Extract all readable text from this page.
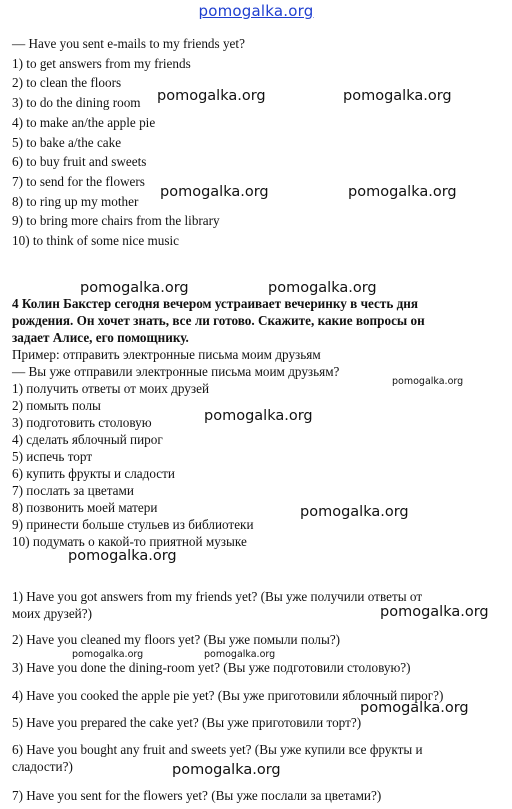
pomogalka.org
— Have you sent e-mails to my friends yet?
1) to get answers from my friends
2) to clean the floors
3) to do the dining room
4) to make an/the apple pie
5) to bake a/the cake
6) to buy fruit and sweets
7) to send for the flowers
8) to ring up my mother
9) to bring more chairs from the library
10) to think of some nice music
4 Колин Бакстер сегодня вечером устраивает вечеринку в честь дня
рождения. Он хочет знать, все ли готово. Скажите, какие вопросы он
задает Алисе, его помощнику.
Пример: отправить электронные письма моим друзьям
— Вы уже отправили электронные письма моим друзьям?
1) получить ответы от моих друзей
2) помыть полы
3) подготовить столовую
4) сделать яблочный пирог
5) испечь торт
6) купить фрукты и сладости
7) послать за цветами
8) позвонить моей матери
9) принести больше стульев из библиотеки
10) подумать о какой-то приятной музыке
1) Have you got answers from my friends yet? (Вы уже получили ответы от
моих друзей?)
2) Have you cleaned my floors yet? (Вы уже помыли полы?)
3) Have you done the dining-room yet? (Вы уже подготовили столовую?)
4) Have you cooked the apple pie yet? (Вы уже приготовили яблочный пирог?)
5) Have you prepared the cake yet? (Вы уже приготовили торт?)
6) Have you bought any fruit and sweets yet? (Вы уже купили все фрукты и
сладости?)
7) Have you sent for the flowers yet? (Вы уже послали за цветами?)
pomogalka.org	pomogalka.org
pomogalka.org	pomogalka.org
pomogalka.org	pomogalka.org
pomogalka.org
pomogalka.org
pomogalka.org
pomogalka.org
pomogalka.org
pomogalka.org	pomogalka.org
pomogalka.org
pomogalka.org
